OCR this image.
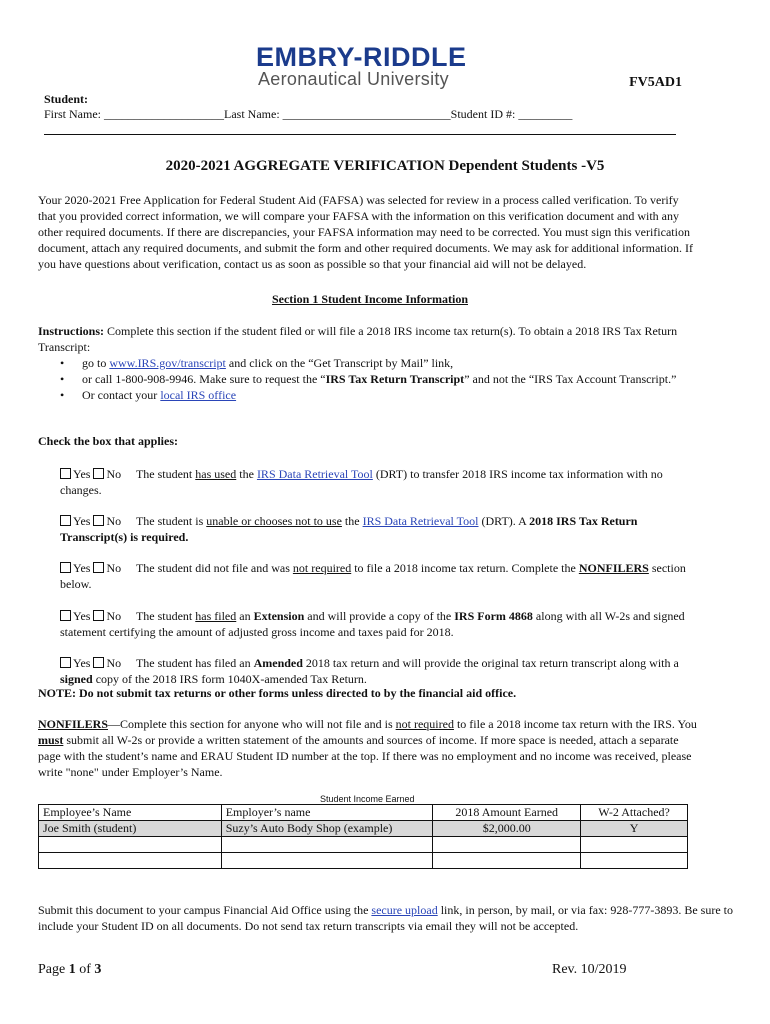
EMBRY-RIDDLE
Aeronautical University	FV5AD1
Student:
First Name: ____________________Last Name: ____________________________Student ID #: _________
2020-2021 AGGREGATE VERIFICATION Dependent Students -V5
Your 2020-2021 Free Application for Federal Student Aid (FAFSA) was selected for review in a process called verification. To verify that you provided correct information, we will compare your FAFSA with the information on this verification document and with any other required documents. If there are discrepancies, your FAFSA information may need to be corrected. You must sign this verification document, attach any required documents, and submit the form and other required documents. We may ask for additional information. If you have questions about verification, contact us as soon as possible so that your financial aid will not be delayed.
Section 1 Student Income Information
Instructions: Complete this section if the student filed or will file a 2018 IRS income tax return(s). To obtain a 2018 IRS Tax Return Transcript:
• go to www.IRS.gov/transcript and click on the “Get Transcript by Mail” link,
• or call 1-800-908-9946. Make sure to request the “IRS Tax Return Transcript” and not the “IRS Tax Account Transcript.”
• Or contact your local IRS office
Check the box that applies:
Yes No The student has used the IRS Data Retrieval Tool (DRT) to transfer 2018 IRS income tax information with no changes.
Yes No The student is unable or chooses not to use the IRS Data Retrieval Tool (DRT). A 2018 IRS Tax Return Transcript(s) is required.
Yes No The student did not file and was not required to file a 2018 income tax return. Complete the NONFILERS section below.
Yes No The student has filed an Extension and will provide a copy of the IRS Form 4868 along with all W-2s and signed statement certifying the amount of adjusted gross income and taxes paid for 2018.
Yes No The student has filed an Amended 2018 tax return and will provide the original tax return transcript along with a signed copy of the 2018 IRS form 1040X-amended Tax Return.
NOTE: Do not submit tax returns or other forms unless directed to by the financial aid office.
NONFILERS—Complete this section for anyone who will not file and is not required to file a 2018 income tax return with the IRS. You must submit all W-2s or provide a written statement of the amounts and sources of income. If more space is needed, attach a separate page with the student’s name and ERAU Student ID number at the top. If there was no employment and no income was received, please write "none" under Employer’s Name.
Student Income Earned
Employee’s Name	Employer’s name	2018 Amount Earned	W-2 Attached?
Joe Smith (student)	Suzy’s Auto Body Shop (example)	$2,000.00	Y

Submit this document to your campus Financial Aid Office using the secure upload link, in person, by mail, or via fax: 928-777-3893. Be sure to include your Student ID on all documents. Do not send tax return transcripts via email they will not be accepted.
Page 1 of 3	Rev. 10/2019
